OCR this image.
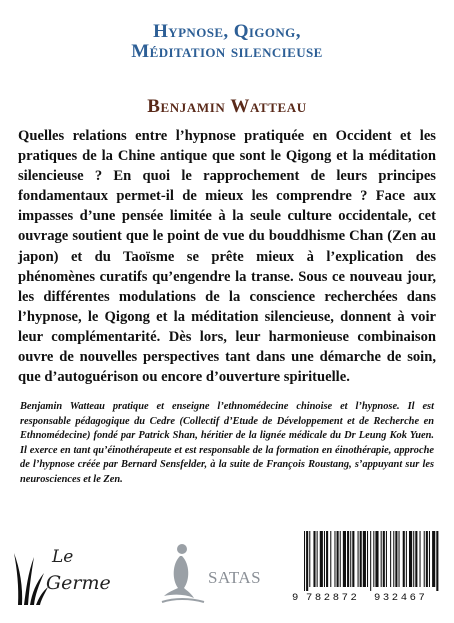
Hypnose, Qigong,
Méditation silencieuse
Benjamin Watteau

Quelles relations entre l’hypnose pratiquée en Occident et les pratiques de la Chine antique que sont le Qigong et la méditation silencieuse ? En quoi le rapprochement de leurs principes fondamentaux permet-il de mieux les comprendre ? Face aux impasses d’une pensée limitée à la seule culture occidentale, cet ouvrage soutient que le point de vue du bouddhisme Chan (Zen au japon) et du Taoïsme se prête mieux à l’explication des phénomènes curatifs qu’engendre la transe. Sous ce nouveau jour, les différentes modulations de la conscience recherchées dans l’hypnose, le Qigong et la méditation silencieuse, donnent à voir leur complémentarité. Dès lors, leur harmonieuse combinaison ouvre de nouvelles perspectives tant dans une démarche de soin, que d’autoguérison ou encore d’ouverture spirituelle.

Benjamin Watteau pratique et enseigne l’ethnomédecine chinoise et l’hypnose. Il est responsable pédagogique du Cedre (Collectif d’Etude de Développement et de Recherche en Ethnomédecine) fondé par Patrick Shan, héritier de la lignée médicale du Dr Leung Kok Yuen. Il exerce en tant qu’éinothérapeute et est responsable de la formation en éinothérapie, approche de l’hypnose créée par Bernard Sensfelder, à la suite de François Roustang, s’appuyant sur les neurosciences et le Zen.

Le
Germe	SATAS
9 782872 932467
